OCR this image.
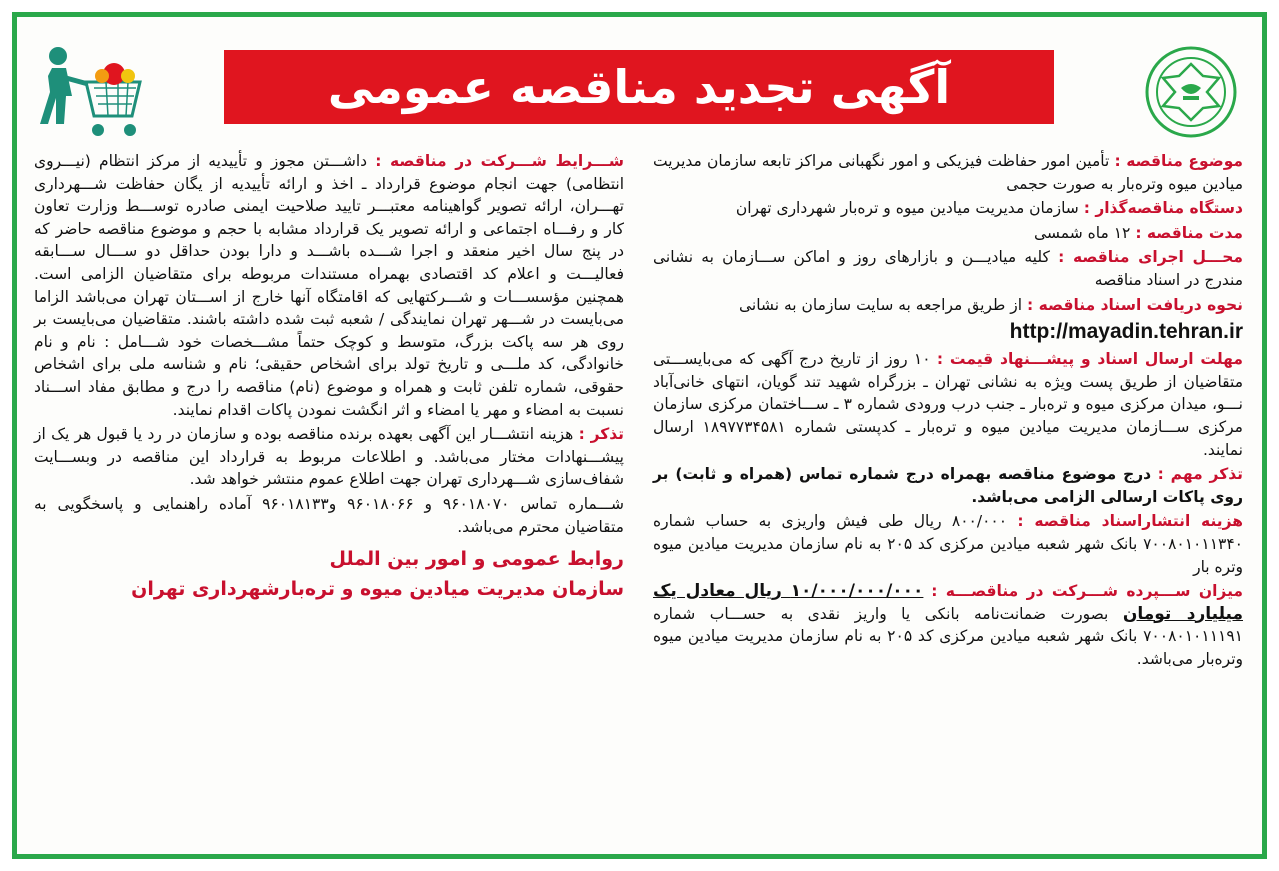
آگهی تجدید مناقصه عمومی

موضوع مناقصه : تأمین امور حفاظت فیزیکی و امور نگهبانی مراکز تابعه سازمان مدیریت میادین میوه وتره‌بار به صورت حجمی

دستگاه مناقصه‌گذار : سازمان مدیریت میادین میوه و تره‌بار شهرداری تهران

مدت مناقصه : ۱۲ ماه شمسی

محـــل اجرای مناقصه : کلیه میادیـــن و بازارهای روز و اماکن ســـازمان به نشانی مندرج در اسناد مناقصه

نحوه دریافت اسناد مناقصه : از طریق مراجعه به سایت سازمان به نشانی
http://mayadin.tehran.ir

مهلت ارسال اسناد و پیشـــنهاد قیمت : ۱۰ روز از تاریخ درج آگهی که می‌بایســـتی متقاضیان از طریق پست ویژه به نشانی تهران ـ بزرگراه شهید تند گویان، انتهای خانی‌آباد نـــو، میدان مرکزی میوه و تره‌بار ـ جنب درب ورودی شماره ۳ ـ ســـاختمان مرکزی سازمان مرکزی ســـازمان مدیریت میادین میوه و تره‌بار ـ کدپستی شماره ۱۸۹۷۷۳۴۵۸۱ ارسال نمایند.

تذکر مهم : درج موضوع مناقصه بهمراه درج شماره تماس (همراه و ثابت) بر روی پاکات ارسالی الزامی می‌باشد.

هزینه انتشاراسناد مناقصه : ۸۰۰/۰۰۰ ریال طی فیش واریزی به حساب شماره ۷۰۰۸۰۱۰۱۱۳۴۰ بانک شهر شعبه میادین مرکزی کد ۲۰۵ به نام سازمان مدیریت میادین میوه وتره بار

میزان ســـپرده شـــرکت در مناقصـــه : ۱۰/۰۰۰/۰۰۰/۰۰۰ ریال معادل یک میلیارد تومان بصورت ضمانت‌نامه بانکی یا واریز نقدی به حســـاب شماره ۷۰۰۸۰۱۰۱۱۱۹۱ بانک شهر شعبه میادین مرکزی کد ۲۰۵ به نام سازمان مدیریت میادین میوه وتره‌بار می‌باشد.

شـــرایط شـــرکت در مناقصه : داشـــتن مجوز و تأییدیه از مرکز انتظام (نیـــروی انتظامی) جهت انجام موضوع قرارداد ـ اخذ و ارائه تأییدیه از یگان حفاظت شـــهرداری تهـــران، ارائه تصویر گواهینامه معتبـــر تایید صلاحیت ایمنی صادره توســـط وزارت تعاون کار و رفـــاه اجتماعی و ارائه تصویر یک قرارداد مشابه با حجم و موضوع مناقصه حاضر که در پنج سال اخیر منعقد و اجرا شـــده باشـــد و دارا بودن حداقل دو ســـال ســـابقه فعالیـــت و اعلام کد اقتصادی بهمراه مستندات مربوطه برای متقاضیان الزامی است. همچنین مؤسســـات و شـــرکتهایی که اقامتگاه آنها خارج از اســـتان تهران می‌باشد الزاما می‌بایست در شـــهر تهران نمایندگی / شعبه ثبت شده داشته باشند. متقاضیان می‌بایست بر روی هر سه پاکت بزرگ، متوسط و کوچک حتماً مشـــخصات خود شـــامل : نام و نام خانوادگی، کد ملـــی و تاریخ تولد برای اشخاص حقیقی؛ نام و شناسه ملی برای اشخاص حقوقی، شماره تلفن ثابت و همراه و موضوع (نام) مناقصه را درج و مطابق مفاد اســـناد نسبت به امضاء و مهر یا امضاء و اثر انگشت نمودن پاکات اقدام نمایند.

تذکر : هزینه انتشـــار این آگهی بعهده برنده مناقصه بوده و سازمان در رد یا قبول هر یک از پیشـــنهادات مختار می‌باشد. و اطلاعات مربوط به قرارداد این مناقصه در وبســـایت شفاف‌سازی شـــهرداری تهران جهت اطلاع عموم منتشر خواهد شد.

شـــماره تماس ۹۶۰۱۸۰۷۰ و ۹۶۰۱۸۰۶۶ و۹۶۰۱۸۱۳۳ آماده راهنمایی و پاسخگویی به متقاضیان محترم می‌باشد.

روابط عمومی و امور بین الملل
سازمان مدیریت میادین میوه و تره‌بارشهرداری تهران
